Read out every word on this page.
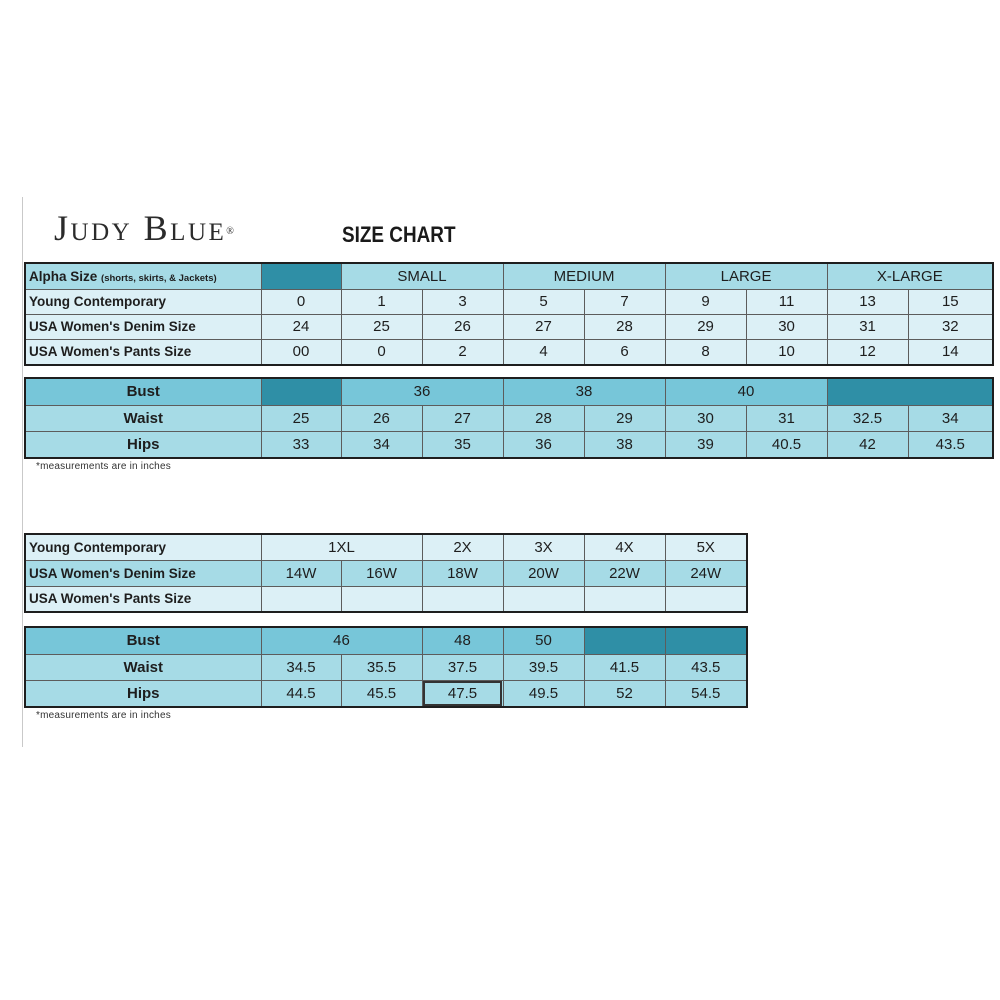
Judy Blue®	SIZE CHART
Alpha Size (shorts, skirts, & Jackets)		SMALL		MEDIUM		LARGE		X-LARGE	
Young Contemporary	0	1	3	5	7	9	11	13	15
USA Women's Denim Size	24	25	26	27	28	29	30	31	32
USA Women's Pants Size	00	0	2	4	6	8	10	12	14
Bust		36		38		40			
Waist	25	26	27	28	29	30	31	32.5	34
Hips	33	34	35	36	38	39	40.5	42	43.5
*measurements are in inches
Young Contemporary	1XL		2X	3X	4X	5X
USA Women's Denim Size	14W	16W	18W	20W	22W	24W
USA Women's Pants Size						
Bust	46		48	50		
Waist	34.5	35.5	37.5	39.5	41.5	43.5
Hips	44.5	45.5	47.5	49.5	52	54.5
*measurements are in inches
